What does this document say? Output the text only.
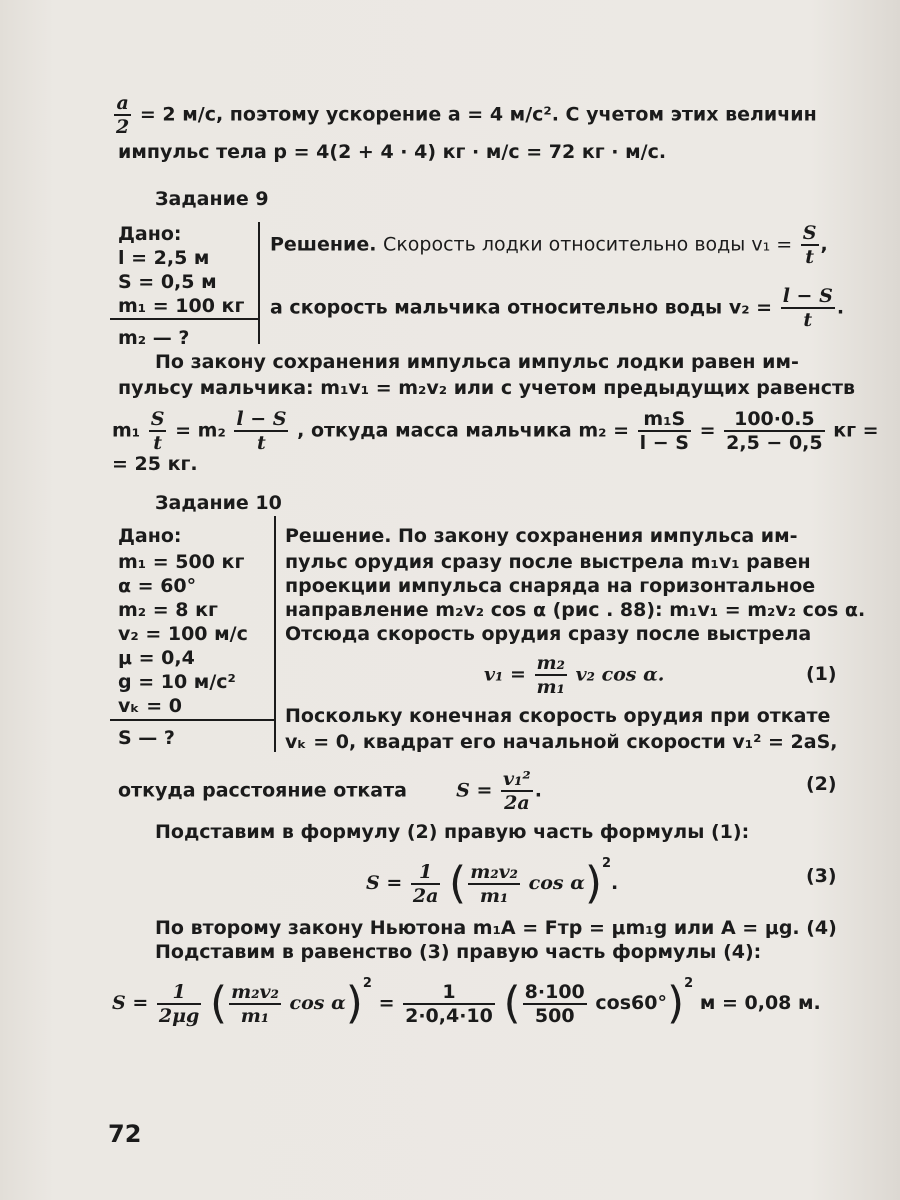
$\frac{a}{2} = 2$ м/с, поэтому ускорение a = 4 м/с². С учетом этих величин
импульс тела p = 4(2 + 4 · 4) кг · м/с = 72 кг · м/с.
Задание 9
Дано:
l = 2,5 м
S = 0,5 м
m₁ = 100 кг
m₂ — ?
Решение. Скорость лодки относительно воды $v_1 = \frac{S}{t}$ ,
а скорость мальчика относительно воды $v_2 = \frac{l - S}{t}$ .
По закону сохранения импульса импульс лодки равен им-
пульсу мальчика: m₁v₁ = m₂v₂ или с учетом предыдущих равенств
$m_1 \frac{S}{t} = m_2 \frac{l - S}{t}$ , откуда масса мальчика $m_2 = \frac{\text{m₁S}}{l - S} = \frac{100\cdot 0.5}{2,5 - 0,5}$ кг =
= 25 кг.
Задание 10
Дано:
m₁ = 500 кг
α = 60°
m₂ = 8 кг
v₂ = 100 м/с
μ = 0,4
g = 10 м/с²
vₖ = 0
S — ?
Решение. По закону сохранения импульса им-
пульс орудия сразу после выстрела m₁v₁ равен
проекции импульса снаряда на горизонтальное
направление m₂v₂ cos α (рис . 88): m₁v₁ = m₂v₂ cos α.
Отсюда скорость орудия сразу после выстрела
$v_1 = \frac{\text{m₂}}{\text{m₁}} v_2$ cos α.	(1)
Поскольку конечная скорость орудия при откате
vₖ = 0, квадрат его начальной скорости v₁² = 2aS,
откуда расстояние отката	$S = \frac{\text{v₁²}}{2a}$ .	(2)
Подставим в формулу (2) правую часть формулы (1):
$S = \frac{1}{2a}$ ( $\frac{\text{m₂v₂}}{\text{m₁}}$ cos α)$^2$.	(3)
По второму закону Ньютона m₁A = Fтр = μm₁g или A = μg. (4)
Подставим в равенство (3) правую часть формулы (4):
$S = \frac{1}{2\mu g}$ ( $\frac{\text{m₂v₂}}{\text{m₁}}$ $\cos \alpha)^2 = \frac{1}{2\cdot 0,4\cdot 10}$ ( $\frac{8\cdot 100}{500} \cos 60^\circ)^2$ м = 0,08 м.
72
